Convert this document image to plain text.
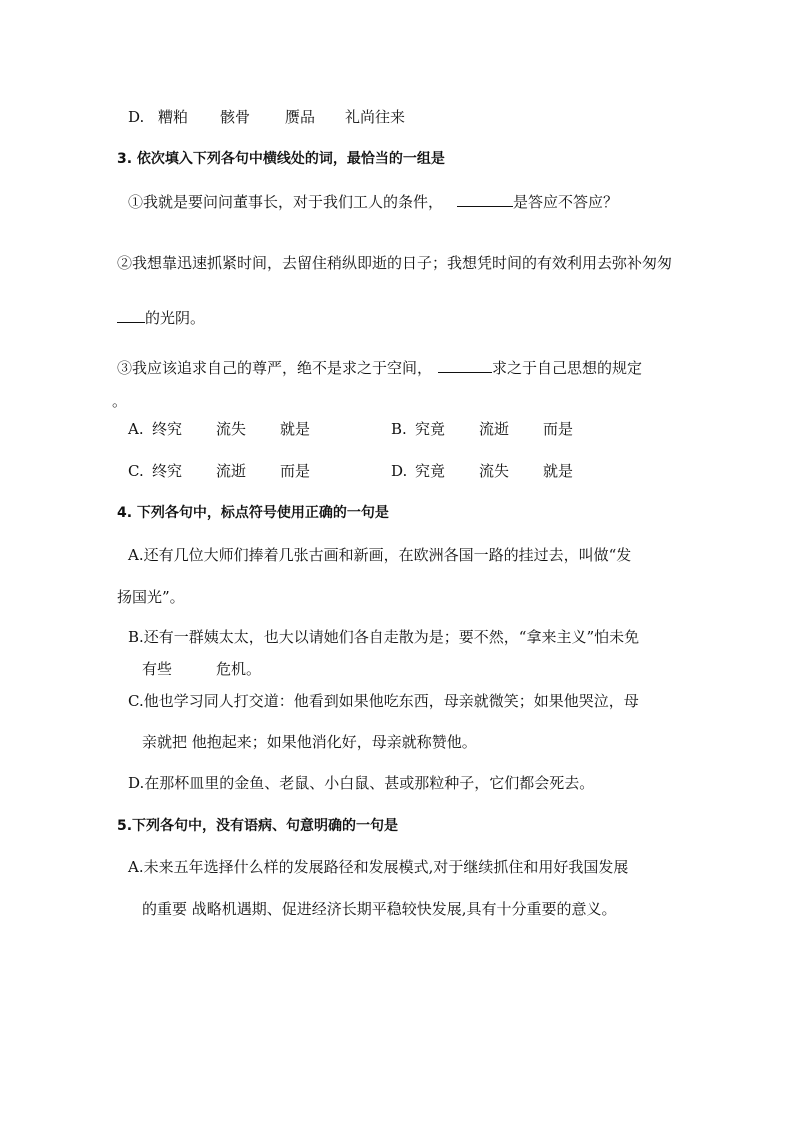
D. 糟粕	骸骨	赝品	礼尚往来
3. 依次填入下列各句中横线处的词，最恰当的一组是
①我就是要问问董事长，对于我们工人的条件，	是答应不答应？
②我想靠迅速抓紧时间，去留住稍纵即逝的日子；我想凭时间的有效利用去弥补匆匆
的光阴。
③我应该追求自己的尊严，绝不是求之于空间，	求之于自己思想的规定
。
A. 终究	流失	就是	B. 究竟	流逝	而是
C. 终究	流逝	而是	D. 究竟	流失	就是
4. 下列各句中，标点符号使用正确的一句是
A.还有几位大师们捧着几张古画和新画，在欧洲各国一路的挂过去，叫做“发
扬国光”。
B.还有一群姨太太，也大以请她们各自走散为是；要不然，“拿来主义”怕未免
有些	危机。
C.他也学习同人打交道：他看到如果他吃东西，母亲就微笑；如果他哭泣，母
亲就把 他抱起来；如果他消化好，母亲就称赞他。
D.在那杯皿里的金鱼、老鼠、小白鼠、甚或那粒种子，它们都会死去。
5.下列各句中，没有语病、句意明确的一句是
A.未来五年选择什么样的发展路径和发展模式,对于继续抓住和用好我国发展
的重要 战略机遇期、促进经济长期平稳较快发展,具有十分重要的意义。
